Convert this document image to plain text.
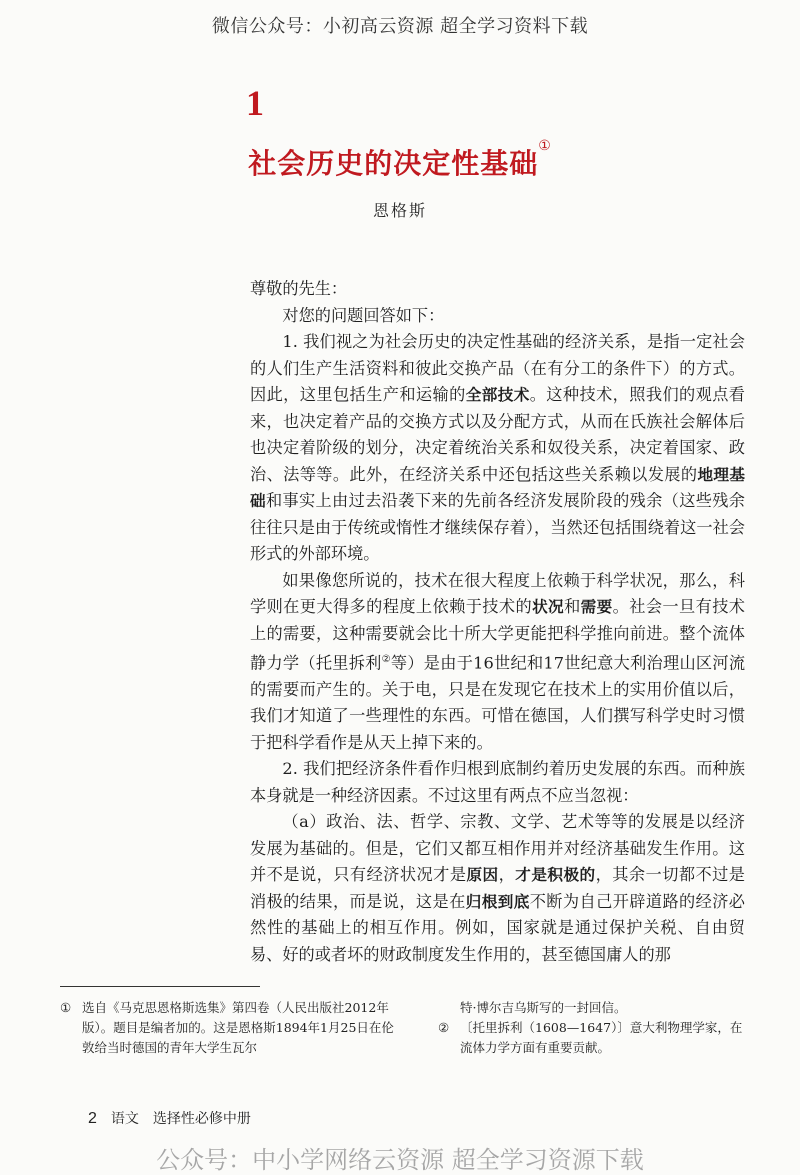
微信公众号：小初高云资源 超全学习资料下载
1
社会历史的决定性基础①
恩格斯

尊敬的先生：

对您的问题回答如下：

1. 我们视之为社会历史的决定性基础的经济关系，是指一定社会的人们生产生活资料和彼此交换产品（在有分工的条件下）的方式。因此，这里包括生产和运输的全部技术。这种技术，照我们的观点看来，也决定着产品的交换方式以及分配方式，从而在氏族社会解体后也决定着阶级的划分，决定着统治关系和奴役关系，决定着国家、政治、法等等。此外，在经济关系中还包括这些关系赖以发展的地理基础和事实上由过去沿袭下来的先前各经济发展阶段的残余（这些残余往往只是由于传统或惰性才继续保存着），当然还包括围绕着这一社会形式的外部环境。

如果像您所说的，技术在很大程度上依赖于科学状况，那么，科学则在更大得多的程度上依赖于技术的状况和需要。社会一旦有技术上的需要，这种需要就会比十所大学更能把科学推向前进。整个流体静力学（托里拆利②等）是由于16世纪和17世纪意大利治理山区河流的需要而产生的。关于电，只是在发现它在技术上的实用价值以后，我们才知道了一些理性的东西。可惜在德国，人们撰写科学史时习惯于把科学看作是从天上掉下来的。

2. 我们把经济条件看作归根到底制约着历史发展的东西。而种族本身就是一种经济因素。不过这里有两点不应当忽视：

（a）政治、法、哲学、宗教、文学、艺术等等的发展是以经济发展为基础的。但是，它们又都互相作用并对经济基础发生作用。这并不是说，只有经济状况才是原因，才是积极的，其余一切都不过是消极的结果，而是说，这是在归根到底不断为自己开辟道路的经济必然性的基础上的相互作用。例如，国家就是通过保护关税、自由贸易、好的或者坏的财政制度发生作用的，甚至德国庸人的那

① 选自《马克思恩格斯选集》第四卷（人民出版社2012年版）。题目是编者加的。这是恩格斯1894年1月25日在伦敦给当时德国的青年大学生瓦尔
特·博尔吉乌斯写的一封回信。
② 〔托里拆利（1608—1647）〕意大利物理学家，在流体力学方面有重要贡献。
2 语文　选择性必修中册
公众号：中小学网络云资源 超全学习资源下载
